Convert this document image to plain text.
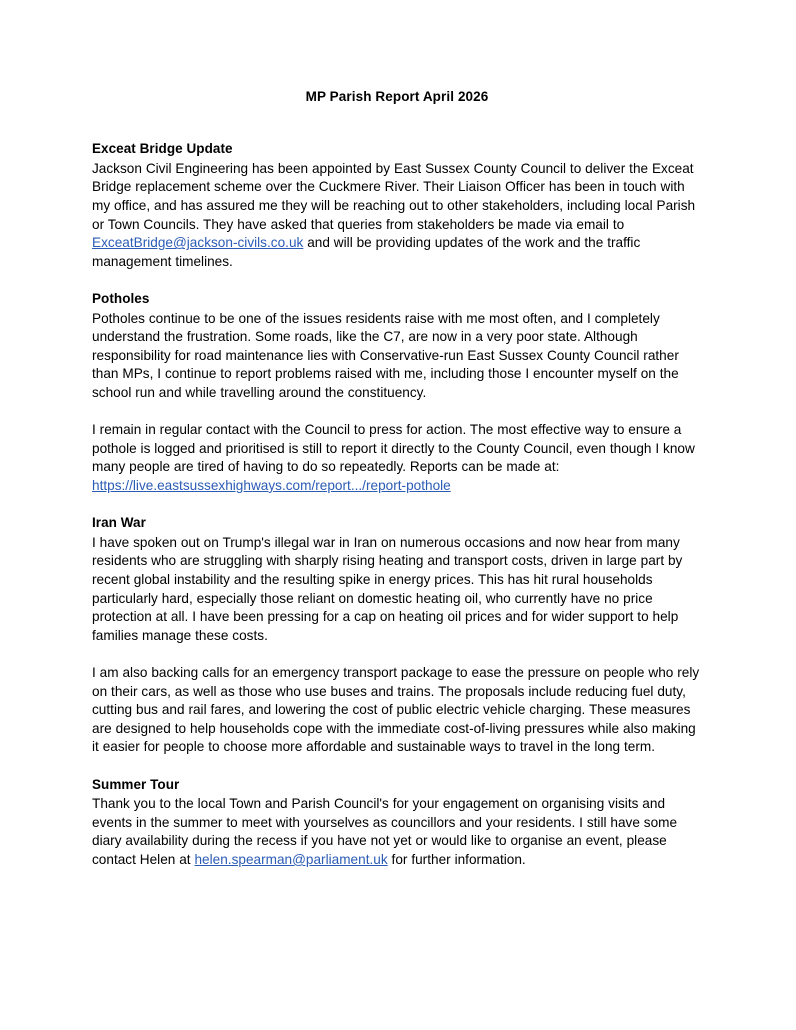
MP Parish Report April 2026
Exceat Bridge Update

Jackson Civil Engineering has been appointed by East Sussex County Council to deliver the Exceat Bridge replacement scheme over the Cuckmere River. Their Liaison Officer has been in touch with my office, and has assured me they will be reaching out to other stakeholders, including local Parish or Town Councils. They have asked that queries from stakeholders be made via email to ExceatBridge@jackson-civils.co.uk and will be providing updates of the work and the traffic management timelines.

Potholes

Potholes continue to be one of the issues residents raise with me most often, and I completely understand the frustration. Some roads, like the C7, are now in a very poor state. Although responsibility for road maintenance lies with Conservative-run East Sussex County Council rather than MPs, I continue to report problems raised with me, including those I encounter myself on the school run and while travelling around the constituency.

I remain in regular contact with the Council to press for action. The most effective way to ensure a pothole is logged and prioritised is still to report it directly to the County Council, even though I know many people are tired of having to do so repeatedly. Reports can be made at:
https://live.eastsussexhighways.com/report.../report-pothole

Iran War

I have spoken out on Trump's illegal war in Iran on numerous occasions and now hear from many residents who are struggling with sharply rising heating and transport costs, driven in large part by recent global instability and the resulting spike in energy prices. This has hit rural households particularly hard, especially those reliant on domestic heating oil, who currently have no price protection at all. I have been pressing for a cap on heating oil prices and for wider support to help families manage these costs.

I am also backing calls for an emergency transport package to ease the pressure on people who rely on their cars, as well as those who use buses and trains. The proposals include reducing fuel duty, cutting bus and rail fares, and lowering the cost of public electric vehicle charging. These measures are designed to help households cope with the immediate cost-of-living pressures while also making it easier for people to choose more affordable and sustainable ways to travel in the long term.

Summer Tour

Thank you to the local Town and Parish Council's for your engagement on organising visits and events in the summer to meet with yourselves as councillors and your residents. I still have some diary availability during the recess if you have not yet or would like to organise an event, please contact Helen at helen.spearman@parliament.uk for further information.
